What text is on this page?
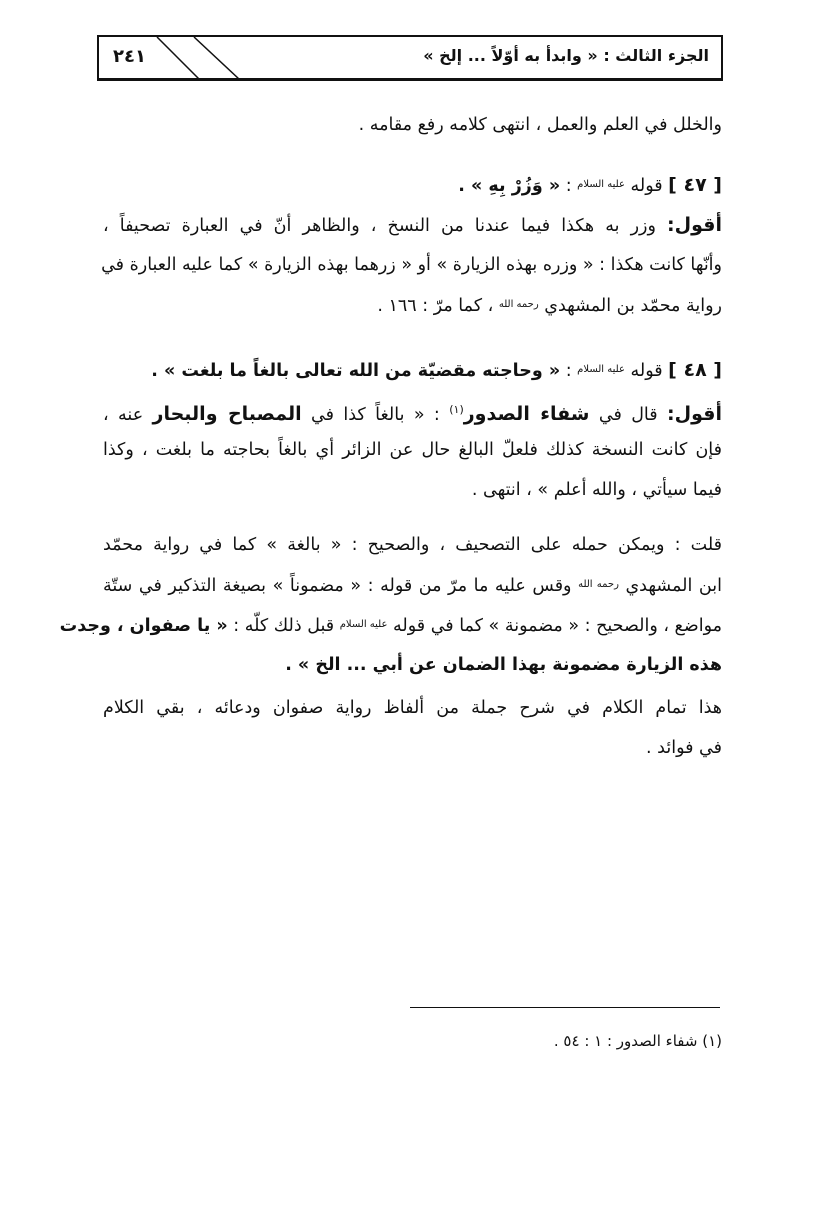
٢٤١	الجزء الثالث : « وابدأ به أوّلاً ... إلخ »
والخلل في العلم والعمل ، انتهى كلامه رفع مقامه .
[ ٤٧ ] قوله $^{عليه السلام}$ : « وَزُرْ بِهِ » .
أقول: وزر به هكذا فيما عندنا من النسخ ، والظاهر أنّ في العبارة تصحيفاً ،
وأنّها كانت هكذا : « وزره بهذه الزيارة » أو « زرهما بهذه الزيارة » كما عليه العبارة في
رواية محمّد بن المشهدي $^{رحمه الله}$ ، كما مرّ : ١٦٦ .
[ ٤٨ ] قوله $^{عليه السلام}$ : « وحاجته مقضيّة من الله تعالى بالغاً ما بلغت » .
أقول: قال في شفاء الصدور$^{(١)}$ : « بالغاً كذا في المصباح والبحار عنه ،
فإن كانت النسخة كذلك فلعلّ البالغ حال عن الزائر أي بالغاً بحاجته ما بلغت ، وكذا
فيما سيأتي ، والله أعلم » ، انتهى .
قلت : ويمكن حمله على التصحيف ، والصحيح : « بالغة » كما في رواية محمّد
ابن المشهدي $^{رحمه الله}$ وقس عليه ما مرّ من قوله : « مضموناً » بصيغة التذكير في ستّة
مواضع ، والصحيح : « مضمونة » كما في قوله $^{عليه السلام}$ قبل ذلك كلّه : « يا صفوان ، وجدت
هذه الزيارة مضمونة بهذا الضمان عن أبي ... الخ » .
هذا تمام الكلام في شرح جملة من ألفاظ رواية صفوان ودعائه ، بقي الكلام
في فوائد .
(١) شفاء الصدور : ١ : ٥٤ .
